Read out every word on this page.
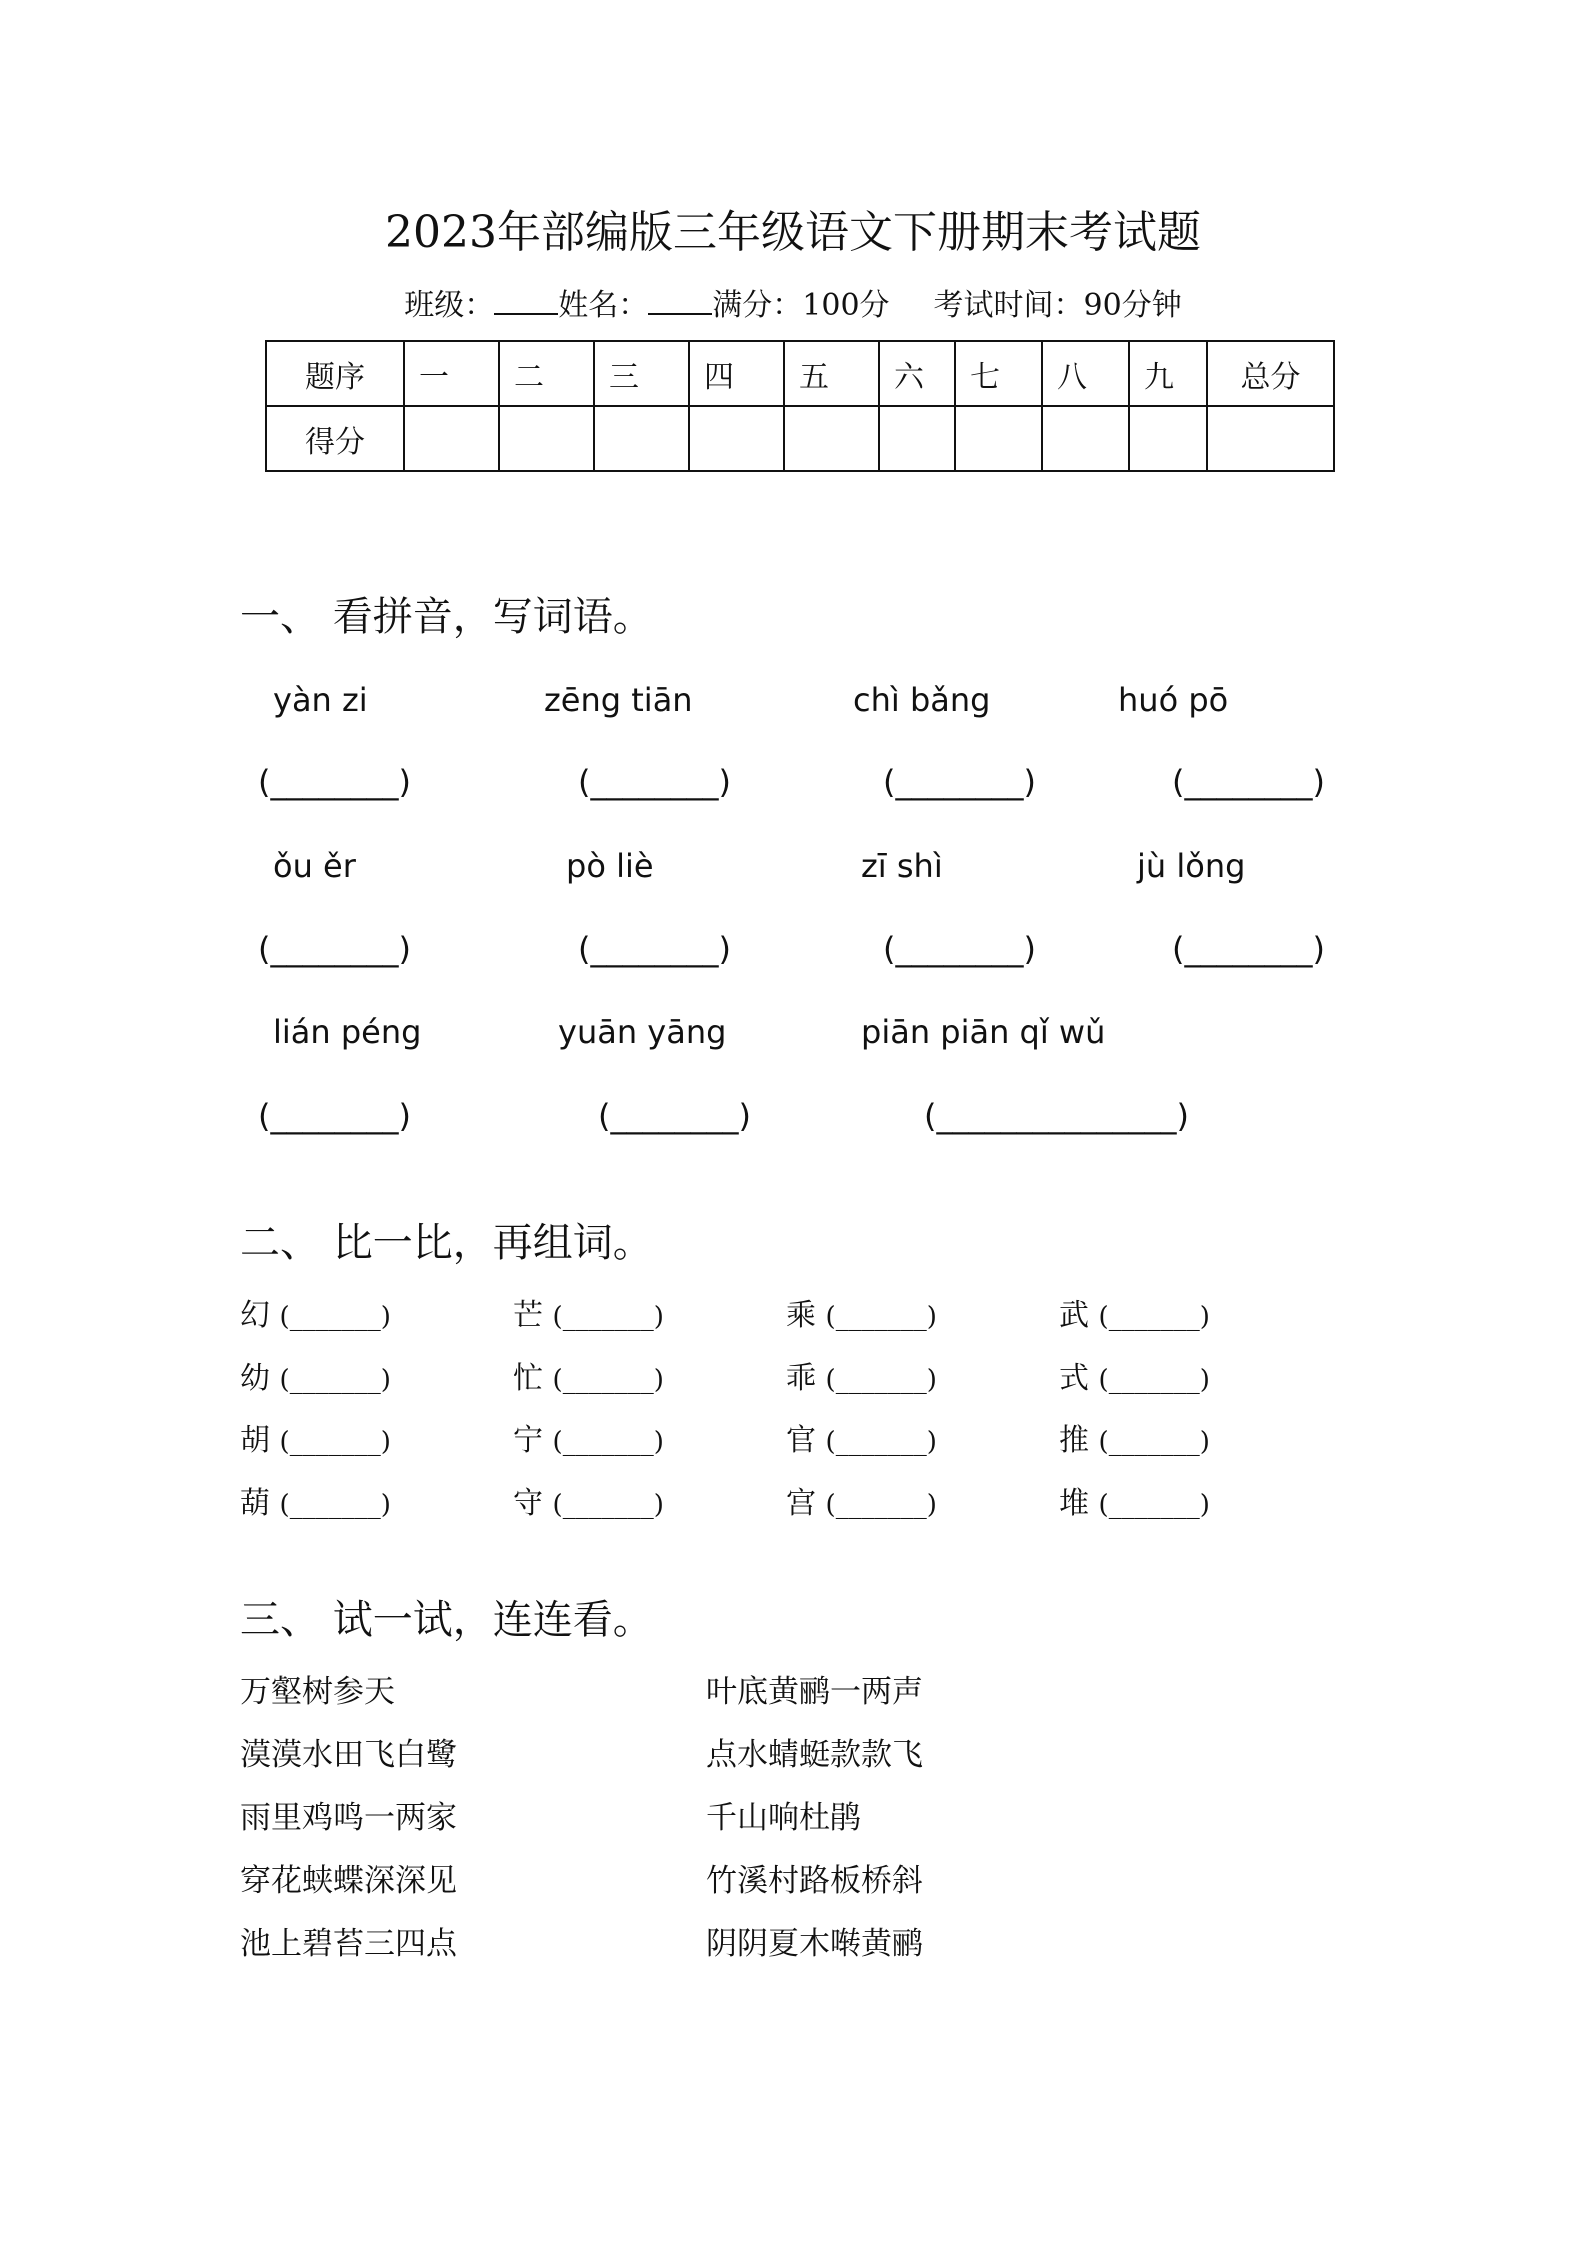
2023年部编版三年级语文下册期末考试题
班级： 姓名： 满分：100分 考试时间：90分钟
题序	一	二	三	四	五	六	七	八	九	总分
得分										
一、 看拼音，写词语。
yàn zi	zēng tiān	chì bǎng	huó pō
(________)	(________)	(________)	(________)
ǒu ěr	pò liè	zī shì	jù lǒng
(________)	(________)	(________)	(________)
lián péng	yuān yāng	piān piān qǐ wǔ
(________)	(________)	(_______________)
二、 比一比，再组词。
幻 (_______)	芒 (_______)	乘 (_______)	武 (_______)
幼 (_______)	忙 (_______)	乖 (_______)	式 (_______)
胡 (_______)	宁 (_______)	官 (_______)	推 (_______)
葫 (_______)	守 (_______)	宫 (_______)	堆 (_______)
三、 试一试，连连看。
万壑树参天	叶底黄鹂一两声
漠漠水田飞白鹭	点水蜻蜓款款飞
雨里鸡鸣一两家	千山响杜鹃
穿花蛱蝶深深见	竹溪村路板桥斜
池上碧苔三四点	阴阴夏木啭黄鹂
